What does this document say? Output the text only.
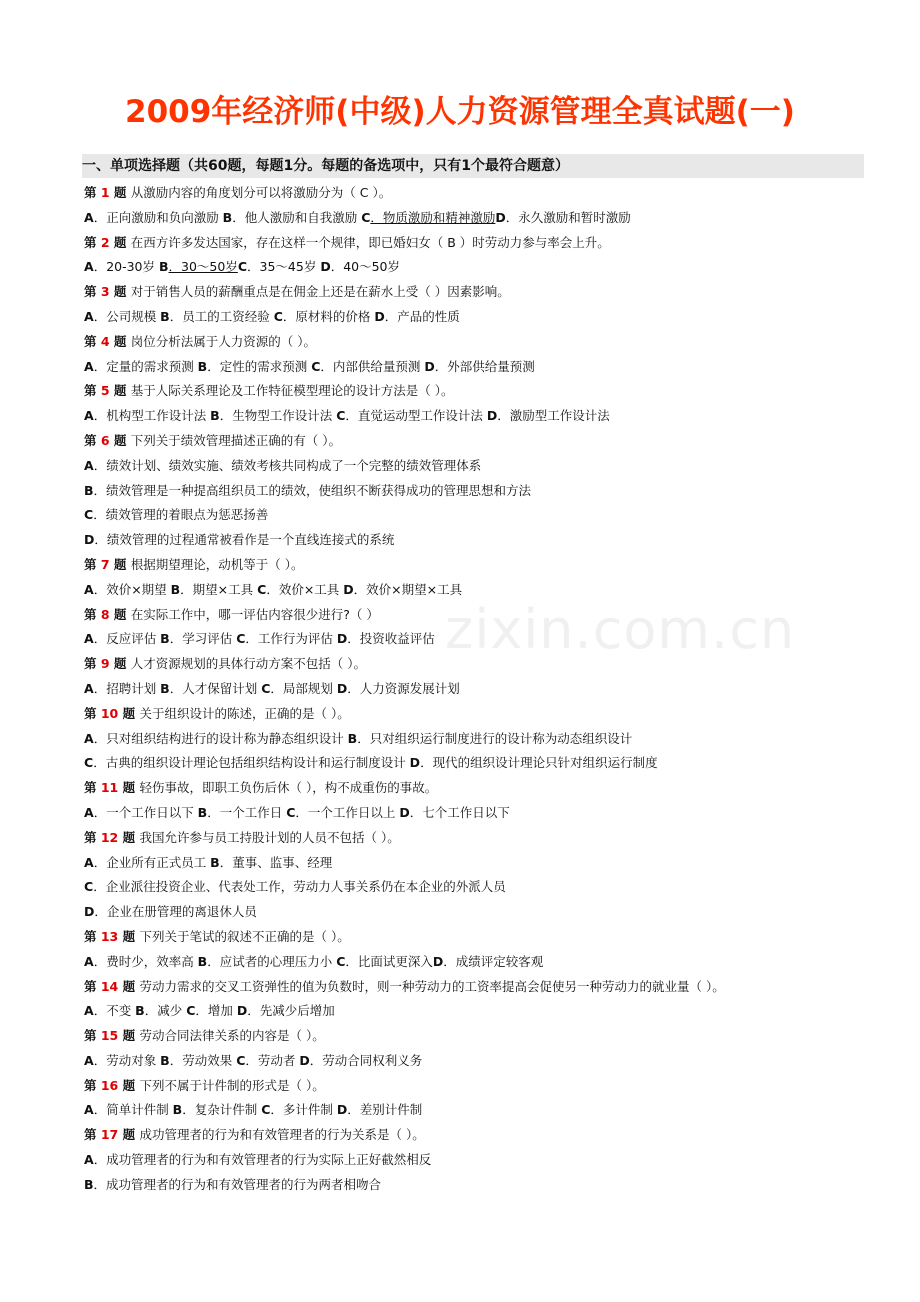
2009年经济师(中级)人力资源管理全真试题(一)
一、单项选择题（共60题，每题1分。每题的备选项中，只有1个最符合题意）
zixin.com.cn
第 1 题 从激励内容的角度划分可以将激励分为（ C ）。
A．正向激励和负向激励 B．他人激励和自我激励 C．物质激励和精神激励D．永久激励和暂时激励
第 2 题 在西方许多发达国家，存在这样一个规律，即已婚妇女（ B ）时劳动力参与率会上升。
A．20-30岁 B．30～50岁C．35～45岁 D．40～50岁
第 3 题 对于销售人员的薪酬重点是在佣金上还是在薪水上受（ ）因素影响。
A．公司规模 B．员工的工资经验 C．原材料的价格 D．产品的性质
第 4 题 岗位分析法属于人力资源的（ ）。
A．定量的需求预测 B．定性的需求预测 C．内部供给量预测 D．外部供给量预测
第 5 题 基于人际关系理论及工作特征模型理论的设计方法是（ ）。
A．机构型工作设计法 B．生物型工作设计法 C．直觉运动型工作设计法 D．激励型工作设计法
第 6 题 下列关于绩效管理描述正确的有（ ）。
A．绩效计划、绩效实施、绩效考核共同构成了一个完整的绩效管理体系
B．绩效管理是一种提高组织员工的绩效，使组织不断获得成功的管理思想和方法
C．绩效管理的着眼点为惩恶扬善
D．绩效管理的过程通常被看作是一个直线连接式的系统
第 7 题 根据期望理论，动机等于（ ）。
A．效价×期望 B．期望×工具 C．效价×工具 D．效价×期望×工具
第 8 题 在实际工作中，哪一评估内容很少进行?（ ）
A．反应评估 B．学习评估 C．工作行为评估 D．投资收益评估
第 9 题 人才资源规划的具体行动方案不包括（ ）。
A．招聘计划 B．人才保留计划 C．局部规划 D．人力资源发展计划
第 10 题 关于组织设计的陈述，正确的是（ ）。
A．只对组织结构进行的设计称为静态组织设计 B．只对组织运行制度进行的设计称为动态组织设计
C．古典的组织设计理论包括组织结构设计和运行制度设计 D．现代的组织设计理论只针对组织运行制度
第 11 题 轻伤事故，即职工负伤后休（ ），构不成重伤的事故。
A．一个工作日以下 B．一个工作日 C．一个工作日以上 D．七个工作日以下
第 12 题 我国允许参与员工持股计划的人员不包括（ ）。
A．企业所有正式员工 B．董事、监事、经理
C．企业派往投资企业、代表处工作，劳动力人事关系仍在本企业的外派人员
D．企业在册管理的离退休人员
第 13 题 下列关于笔试的叙述不正确的是（ ）。
A．费时少，效率高 B．应试者的心理压力小 C．比面试更深入D．成绩评定较客观
第 14 题 劳动力需求的交叉工资弹性的值为负数时，则一种劳动力的工资率提高会促使另一种劳动力的就业量（ ）。
A．不变 B．减少 C．增加 D．先减少后增加
第 15 题 劳动合同法律关系的内容是（ ）。
A．劳动对象 B．劳动效果 C．劳动者 D．劳动合同权利义务
第 16 题 下列不属于计件制的形式是（ ）。
A．简单计件制 B．复杂计件制 C．多计件制 D．差别计件制
第 17 题 成功管理者的行为和有效管理者的行为关系是（ ）。
A．成功管理者的行为和有效管理者的行为实际上正好截然相反
B．成功管理者的行为和有效管理者的行为两者相吻合
